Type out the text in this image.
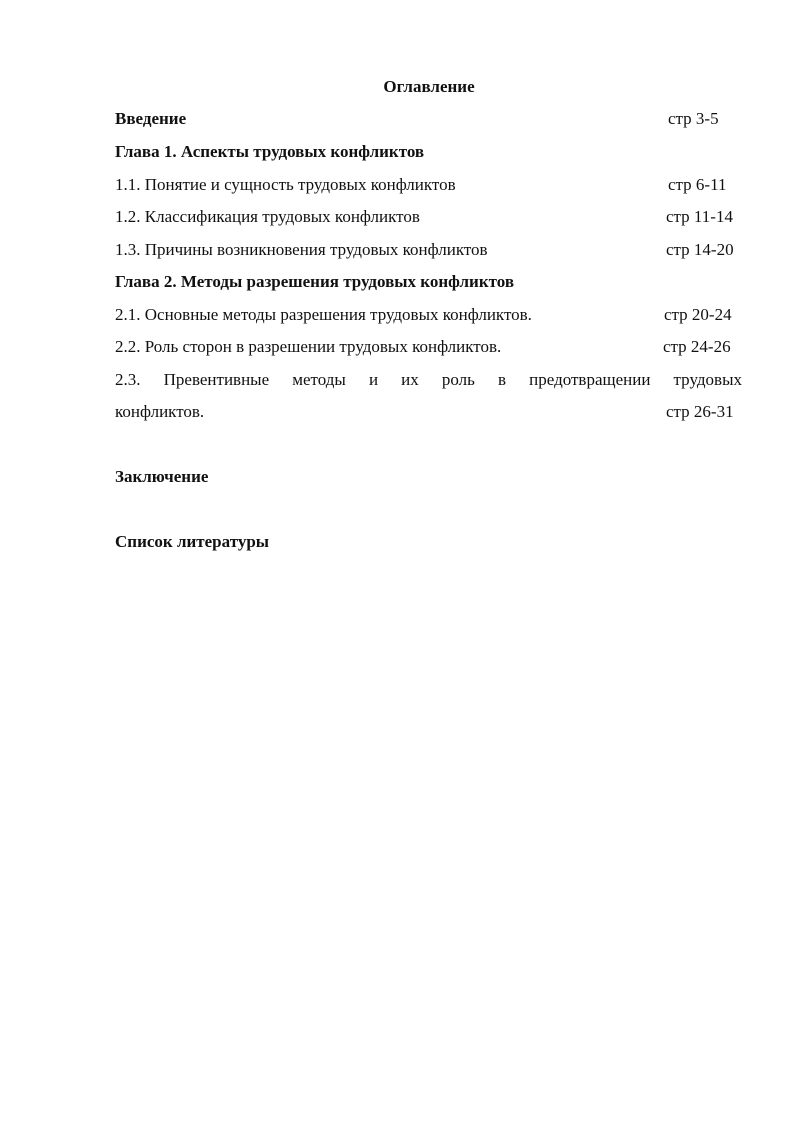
Оглавление
Введение	стр 3-5
Глава 1. Аспекты трудовых конфликтов
1.1. Понятие и сущность трудовых конфликтов	стр 6-11
1.2. Классификация трудовых конфликтов	стр 11-14
1.3. Причины возникновения трудовых конфликтов	стр 14-20
Глава 2. Методы разрешения трудовых конфликтов
2.1. Основные методы разрешения трудовых конфликтов.	стр 20-24
2.2. Роль сторон в разрешении трудовых конфликтов.	стр 24-26
2.3. Превентивные методы и их роль в предотвращении трудовых
конфликтов.	стр 26-31
Заключение
Список литературы
